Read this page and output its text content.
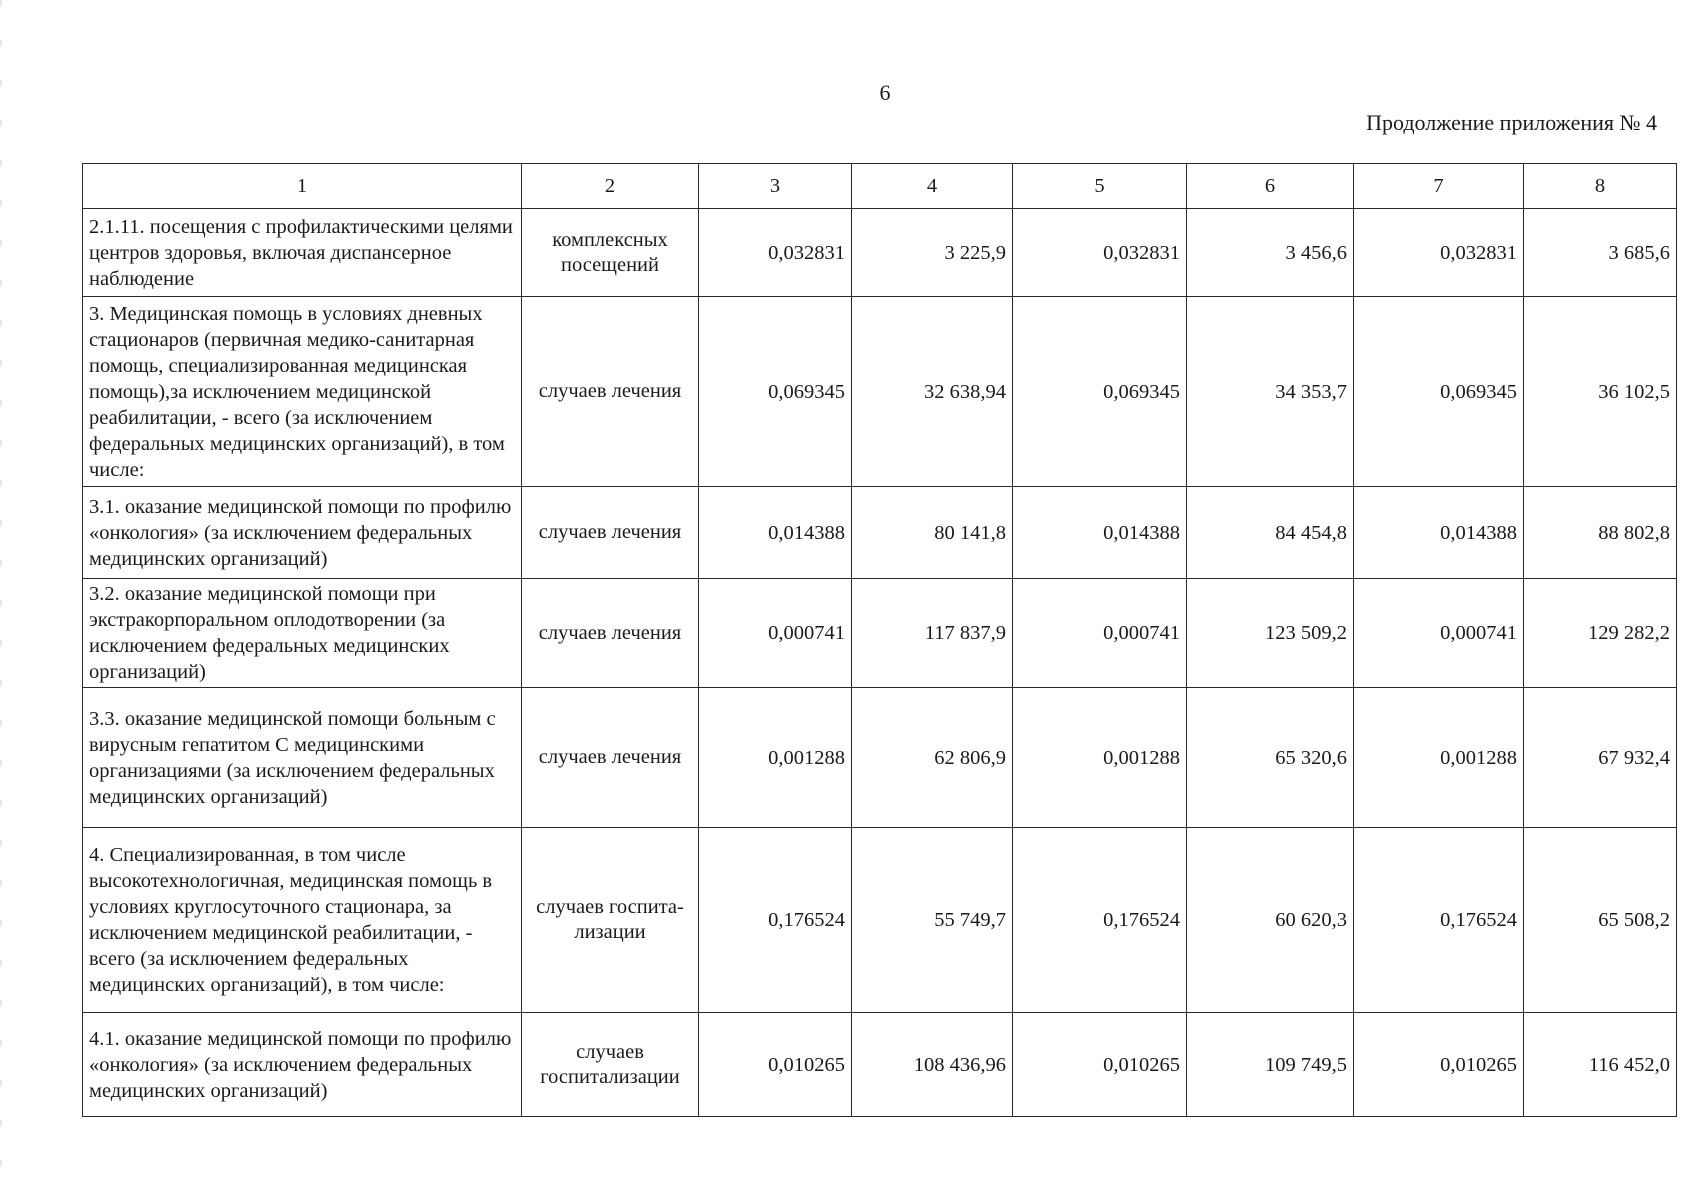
6
Продолжение приложения № 4
1	2	3	4	5	6	7	8
2.1.11. посещения с профилактическими целями центров здоровья, включая диспансерное наблюдение	комплексных посещений	0,032831	3 225,9	0,032831	3 456,6	0,032831	3 685,6
3. Медицинская помощь в условиях дневных стационаров (первичная медико-санитарная помощь, специализированная медицинская помощь),за исключением медицинской реабилитации, - всего (за исключением федеральных медицинских организаций), в том числе:	случаев лечения	0,069345	32 638,94	0,069345	34 353,7	0,069345	36 102,5
3.1. оказание медицинской помощи по профилю «онкология» (за исключением федеральных медицинских организаций)	случаев лечения	0,014388	80 141,8	0,014388	84 454,8	0,014388	88 802,8
3.2. оказание медицинской помощи при экстракорпоральном оплодотворении (за исключением федеральных медицинских организаций)	случаев лечения	0,000741	117 837,9	0,000741	123 509,2	0,000741	129 282,2
3.3. оказание медицинской помощи больным с вирусным гепатитом С медицинскими организациями (за исключением федеральных медицинских организаций)	случаев лечения	0,001288	62 806,9	0,001288	65 320,6	0,001288	67 932,4
4. Специализированная, в том числе высокотехнологичная, медицинская помощь в условиях круглосуточного стационара, за исключением медицинской реабилитации, - всего (за исключением федеральных медицинских организаций), в том числе:	случаев госпита-лизации	0,176524	55 749,7	0,176524	60 620,3	0,176524	65 508,2
4.1. оказание медицинской помощи по профилю «онкология» (за исключением федеральных медицинских организаций)	случаев госпитализации	0,010265	108 436,96	0,010265	109 749,5	0,010265	116 452,0
